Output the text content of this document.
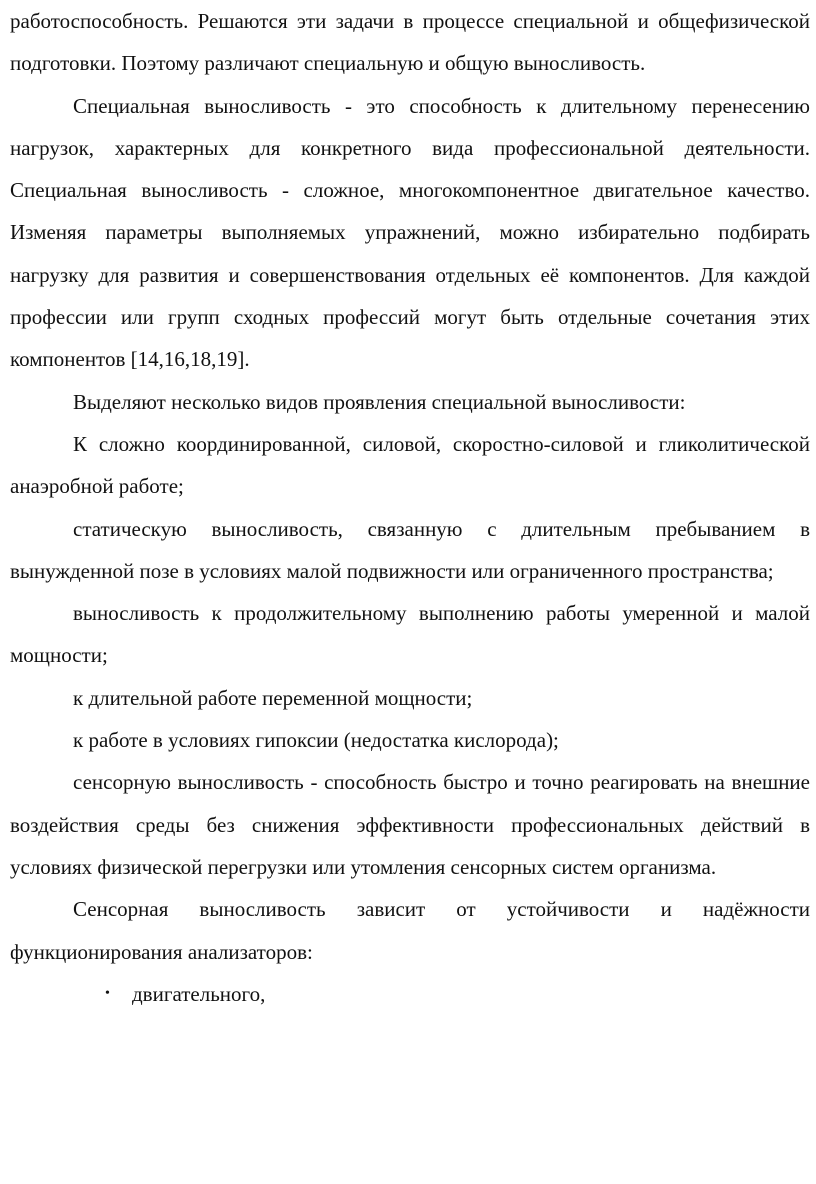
работоспособность. Решаются эти задачи в процессе специальной и общефизической подготовки. Поэтому различают специальную и общую выносливость.

Специальная выносливость - это способность к длительному перенесению нагрузок, характерных для конкретного вида профессиональной деятельности. Специальная выносливость - сложное, многокомпонентное двигательное качество. Изменяя параметры выполняемых упражнений, можно избирательно подбирать нагрузку для развития и совершенствования отдельных её компонентов. Для каждой профессии или групп сходных профессий могут быть отдельные сочетания этих компонентов [14,16,18,19].

Выделяют несколько видов проявления специальной выносливости:

К сложно координированной, силовой, скоростно-силовой и гликолитической анаэробной работе;

статическую выносливость, связанную с длительным пребыванием в вынужденной позе в условиях малой подвижности или ограниченного пространства;

выносливость к продолжительному выполнению работы умеренной и малой мощности;

к длительной работе переменной мощности;

к работе в условиях гипоксии (недостатка кислорода);

сенсорную выносливость - способность быстро и точно реагировать на внешние воздействия среды без снижения эффективности профессиональных действий в условиях физической перегрузки или утомления сенсорных систем организма.

Сенсорная выносливость зависит от устойчивости и надёжности функционирования анализаторов:

• двигательного,
